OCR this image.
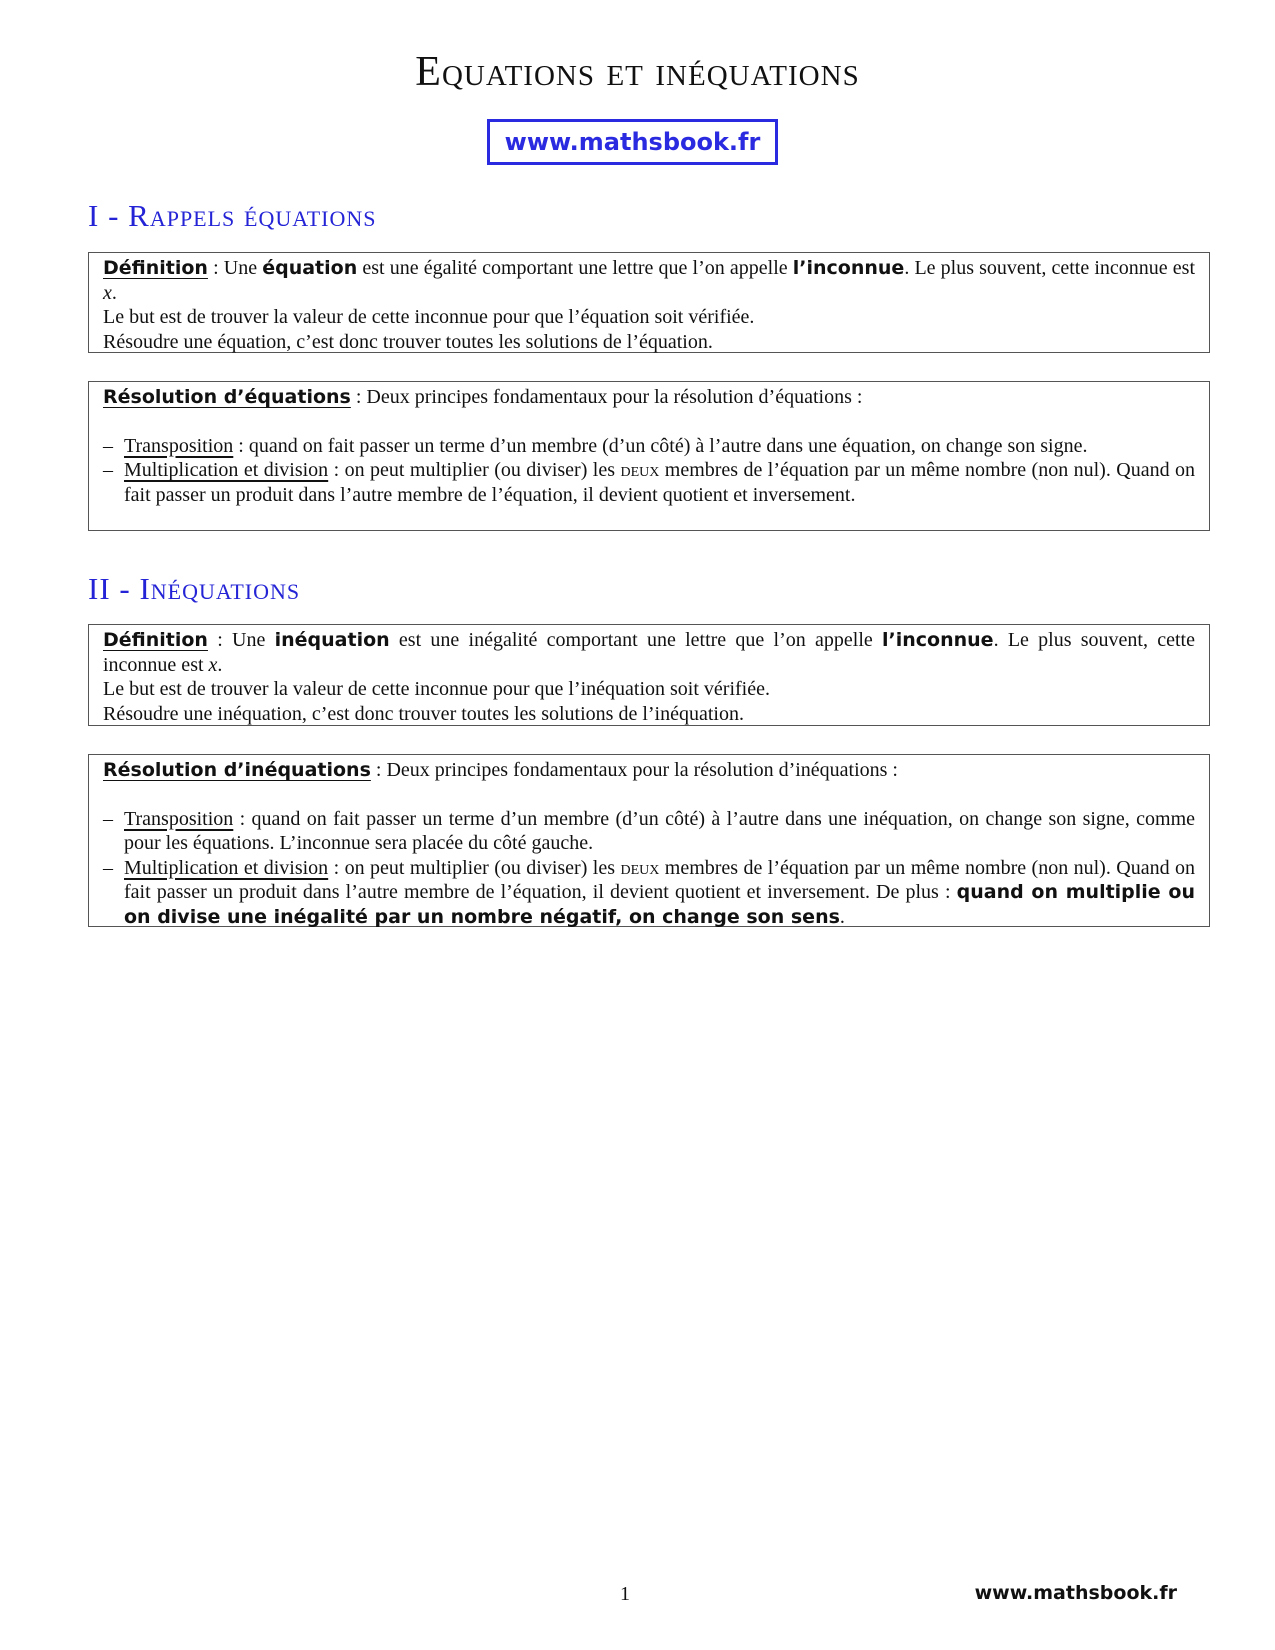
Equations et inéquations
www.mathsbook.fr
I - Rappels équations
Définition : Une équation est une égalité comportant une lettre que l’on appelle l’inconnue. Le plus souvent, cette inconnue est x.
Le but est de trouver la valeur de cette inconnue pour que l’équation soit vérifiée.
Résoudre une équation, c’est donc trouver toutes les solutions de l’équation.
Résolution d’équations : Deux principes fondamentaux pour la résolution d’équations :
– Transposition : quand on fait passer un terme d’un membre (d’un côté) à l’autre dans une équation, on change son signe.
– Multiplication et division : on peut multiplier (ou diviser) les deux membres de l’équation par un même nombre (non nul). Quand on fait passer un produit dans l’autre membre de l’équation, il devient quotient et inversement.
II - Inéquations
Définition : Une inéquation est une inégalité comportant une lettre que l’on appelle l’inconnue. Le plus souvent, cette inconnue est x.
Le but est de trouver la valeur de cette inconnue pour que l’inéquation soit vérifiée.
Résoudre une inéquation, c’est donc trouver toutes les solutions de l’inéquation.
Résolution d’inéquations : Deux principes fondamentaux pour la résolution d’inéquations :
– Transposition : quand on fait passer un terme d’un membre (d’un côté) à l’autre dans une inéquation, on change son signe, comme pour les équations. L’inconnue sera placée du côté gauche.
– Multiplication et division : on peut multiplier (ou diviser) les deux membres de l’équation par un même nombre (non nul). Quand on fait passer un produit dans l’autre membre de l’équation, il devient quotient et inversement. De plus : quand on multiplie ou on divise une inégalité par un nombre négatif, on change son sens.
1	www.mathsbook.fr
